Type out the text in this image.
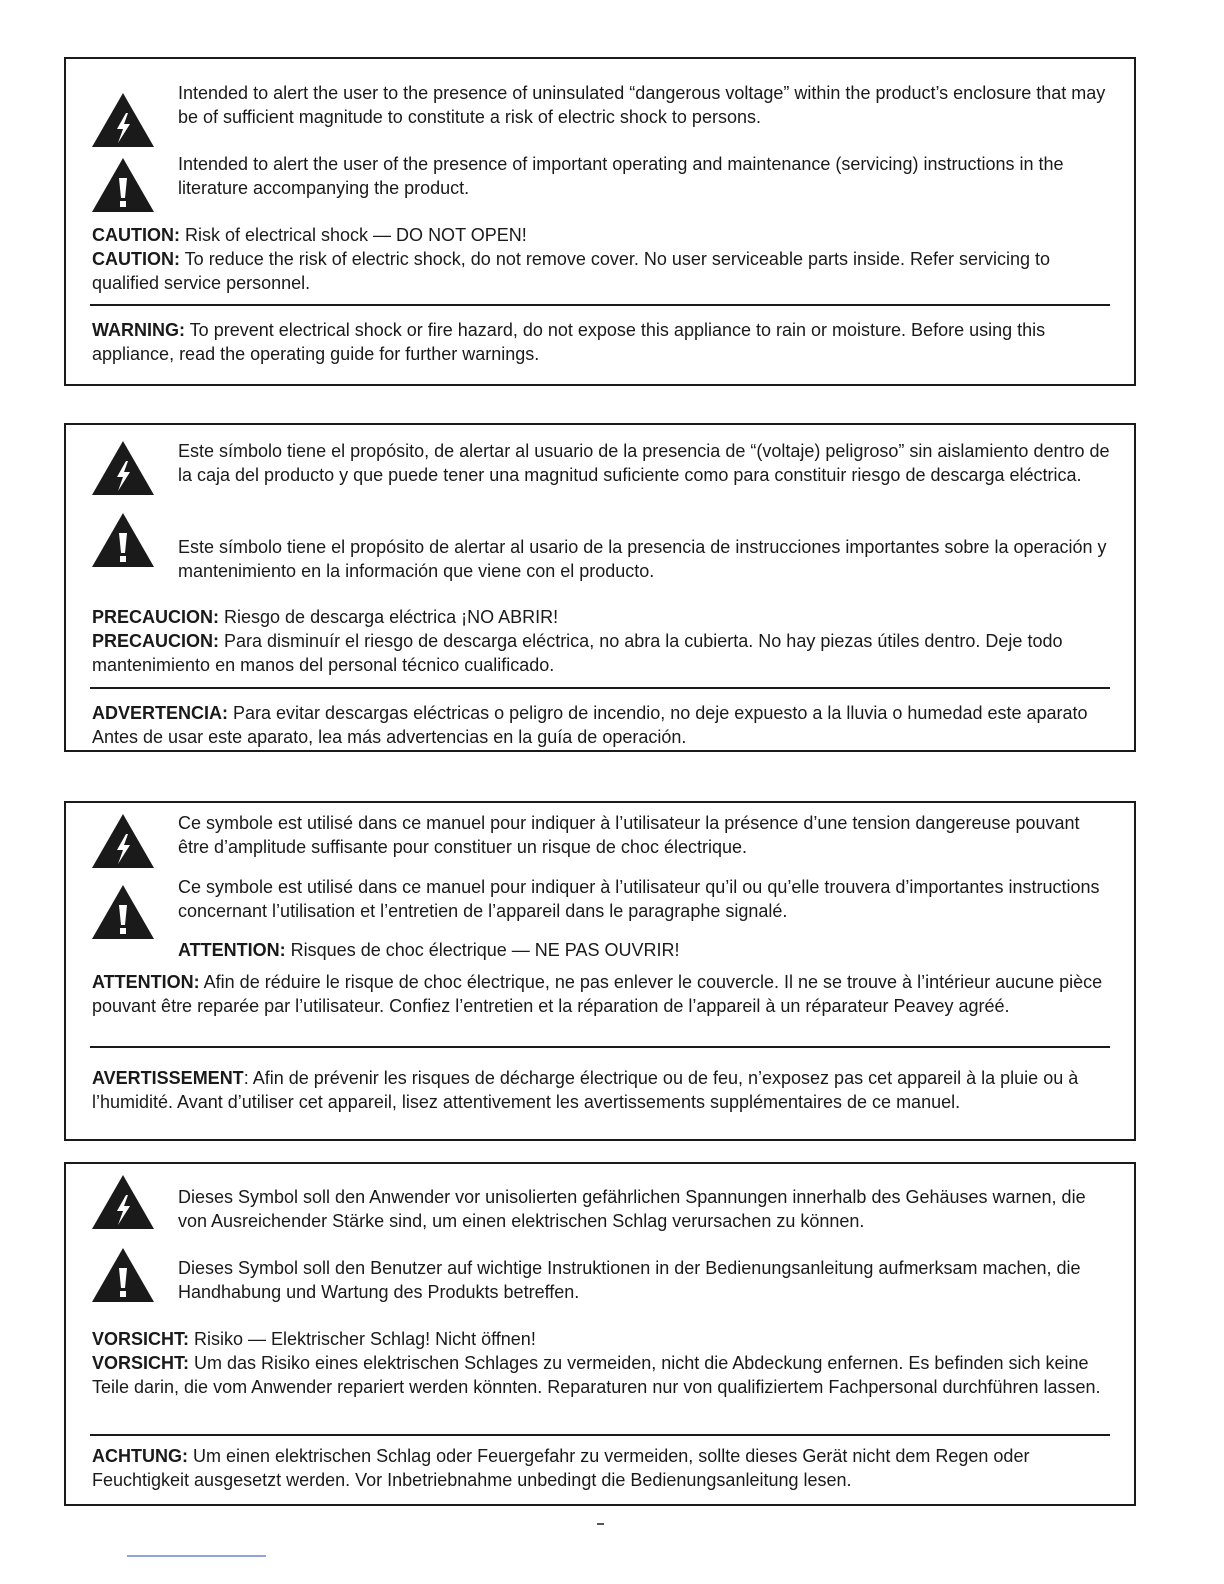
Intended to alert the user to the presence of uninsulated “dangerous voltage” within the product’s enclosure that may be of sufficient magnitude to constitute a risk of electric shock to persons.

Intended to alert the user of the presence of important operating and maintenance (servicing) instructions in the literature accompanying the product.

CAUTION: Risk of electrical shock — DO NOT OPEN!

CAUTION: To reduce the risk of electric shock, do not remove cover. No user serviceable parts inside. Refer servicing to qualified service personnel.

WARNING: To prevent electrical shock or fire hazard, do not expose this appliance to rain or moisture. Before using this appliance, read the operating guide for further warnings.

Este símbolo tiene el propósito, de alertar al usuario de la presencia de “(voltaje) peligroso” sin aislamiento dentro de la caja del producto y que puede tener una magnitud suficiente como para constituir riesgo de descarga eléctrica.

Este símbolo tiene el propósito de alertar al usario de la presencia de instrucciones importantes sobre la operación y mantenimiento en la información que viene con el producto.

PRECAUCION: Riesgo de descarga eléctrica ¡NO ABRIR!

PRECAUCION: Para disminuír el riesgo de descarga eléctrica, no abra la cubierta. No hay piezas útiles dentro. Deje todo mantenimiento en manos del personal técnico cualificado.

ADVERTENCIA: Para evitar descargas eléctricas o peligro de incendio, no deje expuesto a la lluvia o humedad este aparato Antes de usar este aparato, lea más advertencias en la guía de operación.

Ce symbole est utilisé dans ce manuel pour indiquer à l’utilisateur la présence d’une tension dangereuse pouvant être d’amplitude suffisante pour constituer un risque de choc électrique.

Ce symbole est utilisé dans ce manuel pour indiquer à l’utilisateur qu’il ou qu’elle trouvera d’importantes instructions concernant l’utilisation et l’entretien de l’appareil dans le paragraphe signalé.

ATTENTION: Risques de choc électrique — NE PAS OUVRIR!

ATTENTION: Afin de réduire le risque de choc électrique, ne pas enlever le couvercle. Il ne se trouve à l’intérieur aucune pièce pouvant être reparée par l’utilisateur. Confiez l’entretien et la réparation de l’appareil à un réparateur Peavey agréé.

AVERTISSEMENT: Afin de prévenir les risques de décharge électrique ou de feu, n’exposez pas cet appareil à la pluie ou à l’humidité. Avant d’utiliser cet appareil, lisez attentivement les avertissements supplémentaires de ce manuel.

Dieses Symbol soll den Anwender vor unisolierten gefährlichen Spannungen innerhalb des Gehäuses warnen, die von Ausreichender Stärke sind, um einen elektrischen Schlag verursachen zu können.

Dieses Symbol soll den Benutzer auf wichtige Instruktionen in der Bedienungsanleitung aufmerksam machen, die Handhabung und Wartung des Produkts betreffen.

VORSICHT: Risiko — Elektrischer Schlag! Nicht öffnen!

VORSICHT: Um das Risiko eines elektrischen Schlages zu vermeiden, nicht die Abdeckung enfernen. Es befinden sich keine Teile darin, die vom Anwender repariert werden könnten. Reparaturen nur von qualifiziertem Fachpersonal durchführen lassen.

ACHTUNG: Um einen elektrischen Schlag oder Feuergefahr zu vermeiden, sollte dieses Gerät nicht dem Regen oder Feuchtigkeit ausgesetzt werden. Vor Inbetriebnahme unbedingt die Bedienungsanleitung lesen.
